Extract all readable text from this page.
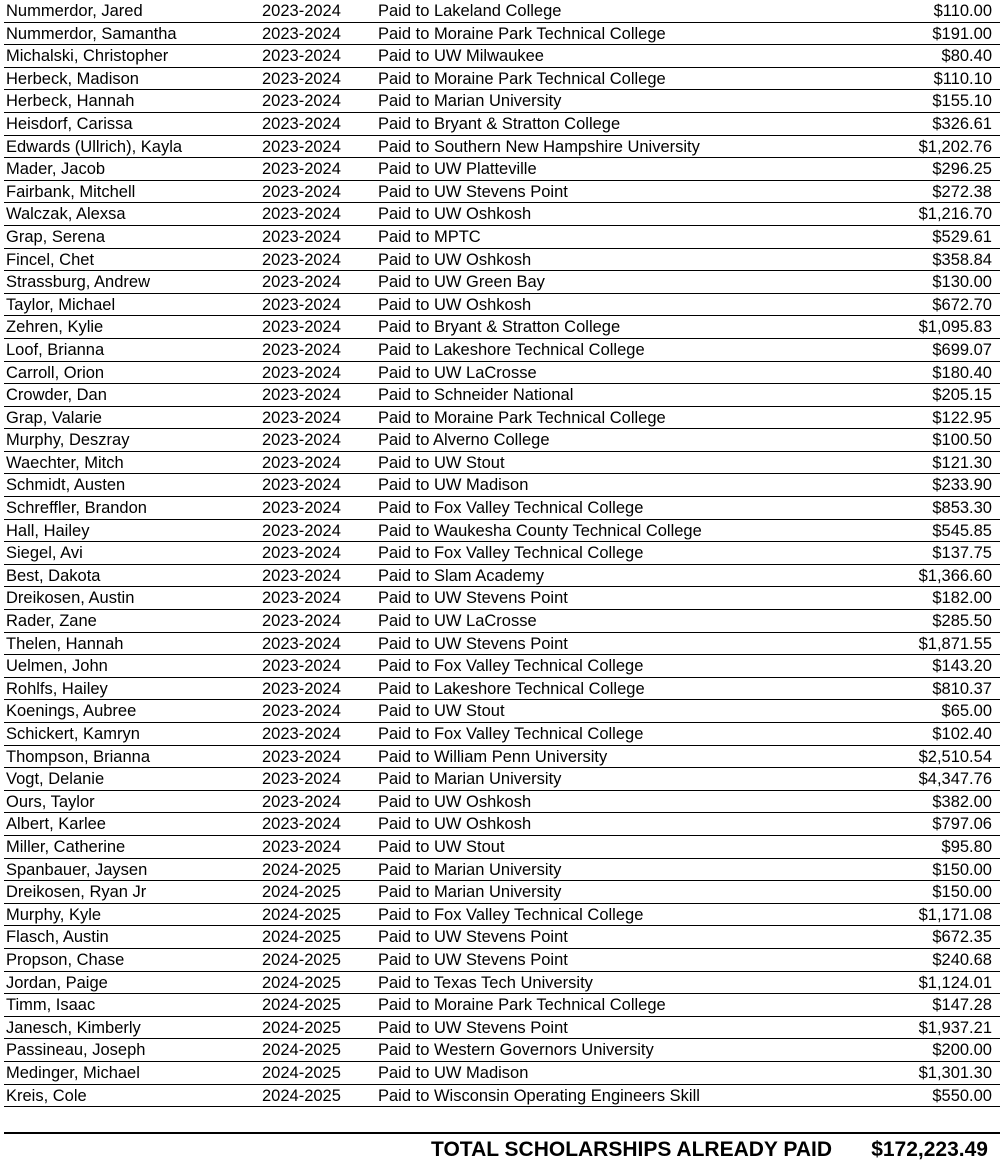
Nummerdor, Jared	2023-2024 Paid to Lakeland College	$110.00
Nummerdor, Samantha	2023-2024 Paid to Moraine Park Technical College	$191.00
Michalski, Christopher	2023-2024 Paid to UW Milwaukee	$80.40
Herbeck, Madison	2023-2024 Paid to Moraine Park Technical College	$110.10
Herbeck, Hannah	2023-2024 Paid to Marian University	$155.10
Heisdorf, Carissa	2023-2024 Paid to Bryant & Stratton College	$326.61
Edwards (Ullrich), Kayla	2023-2024 Paid to Southern New Hampshire University	$1,202.76
Mader, Jacob	2023-2024 Paid to UW Platteville	$296.25
Fairbank, Mitchell	2023-2024 Paid to UW Stevens Point	$272.38
Walczak, Alexsa	2023-2024 Paid to UW Oshkosh	$1,216.70
Grap, Serena	2023-2024 Paid to MPTC	$529.61
Fincel, Chet	2023-2024 Paid to UW Oshkosh	$358.84
Strassburg, Andrew	2023-2024 Paid to UW Green Bay	$130.00
Taylor, Michael	2023-2024 Paid to UW Oshkosh	$672.70
Zehren, Kylie	2023-2024 Paid to Bryant & Stratton College	$1,095.83
Loof, Brianna	2023-2024 Paid to Lakeshore Technical College	$699.07
Carroll, Orion	2023-2024 Paid to UW LaCrosse	$180.40
Crowder, Dan	2023-2024 Paid to Schneider National	$205.15
Grap, Valarie	2023-2024 Paid to Moraine Park Technical College	$122.95
Murphy, Deszray	2023-2024 Paid to Alverno College	$100.50
Waechter, Mitch	2023-2024 Paid to UW Stout	$121.30
Schmidt, Austen	2023-2024 Paid to UW Madison	$233.90
Schreffler, Brandon	2023-2024 Paid to Fox Valley Technical College	$853.30
Hall, Hailey	2023-2024 Paid to Waukesha County Technical College	$545.85
Siegel, Avi	2023-2024 Paid to Fox Valley Technical College	$137.75
Best, Dakota	2023-2024 Paid to Slam Academy	$1,366.60
Dreikosen, Austin	2023-2024 Paid to UW Stevens Point	$182.00
Rader, Zane	2023-2024 Paid to UW LaCrosse	$285.50
Thelen, Hannah	2023-2024 Paid to UW Stevens Point	$1,871.55
Uelmen, John	2023-2024 Paid to Fox Valley Technical College	$143.20
Rohlfs, Hailey	2023-2024 Paid to Lakeshore Technical College	$810.37
Koenings, Aubree	2023-2024 Paid to UW Stout	$65.00
Schickert, Kamryn	2023-2024 Paid to Fox Valley Technical College	$102.40
Thompson, Brianna	2023-2024 Paid to William Penn University	$2,510.54
Vogt, Delanie	2023-2024 Paid to Marian University	$4,347.76
Ours, Taylor	2023-2024 Paid to UW Oshkosh	$382.00
Albert, Karlee	2023-2024 Paid to UW Oshkosh	$797.06
Miller, Catherine	2023-2024 Paid to UW Stout	$95.80
Spanbauer, Jaysen	2024-2025 Paid to Marian University	$150.00
Dreikosen, Ryan Jr	2024-2025 Paid to Marian University	$150.00
Murphy, Kyle	2024-2025 Paid to Fox Valley Technical College	$1,171.08
Flasch, Austin	2024-2025 Paid to UW Stevens Point	$672.35
Propson, Chase	2024-2025 Paid to UW Stevens Point	$240.68
Jordan, Paige	2024-2025 Paid to Texas Tech University	$1,124.01
Timm, Isaac	2024-2025 Paid to Moraine Park Technical College	$147.28
Janesch, Kimberly	2024-2025 Paid to UW Stevens Point	$1,937.21
Passineau, Joseph	2024-2025 Paid to Western Governors University	$200.00
Medinger, Michael	2024-2025 Paid to UW Madison	$1,301.30
Kreis, Cole	2024-2025 Paid to Wisconsin Operating Engineers Skill	$550.00
TOTAL SCHOLARSHIPS ALREADY PAID $172,223.49
